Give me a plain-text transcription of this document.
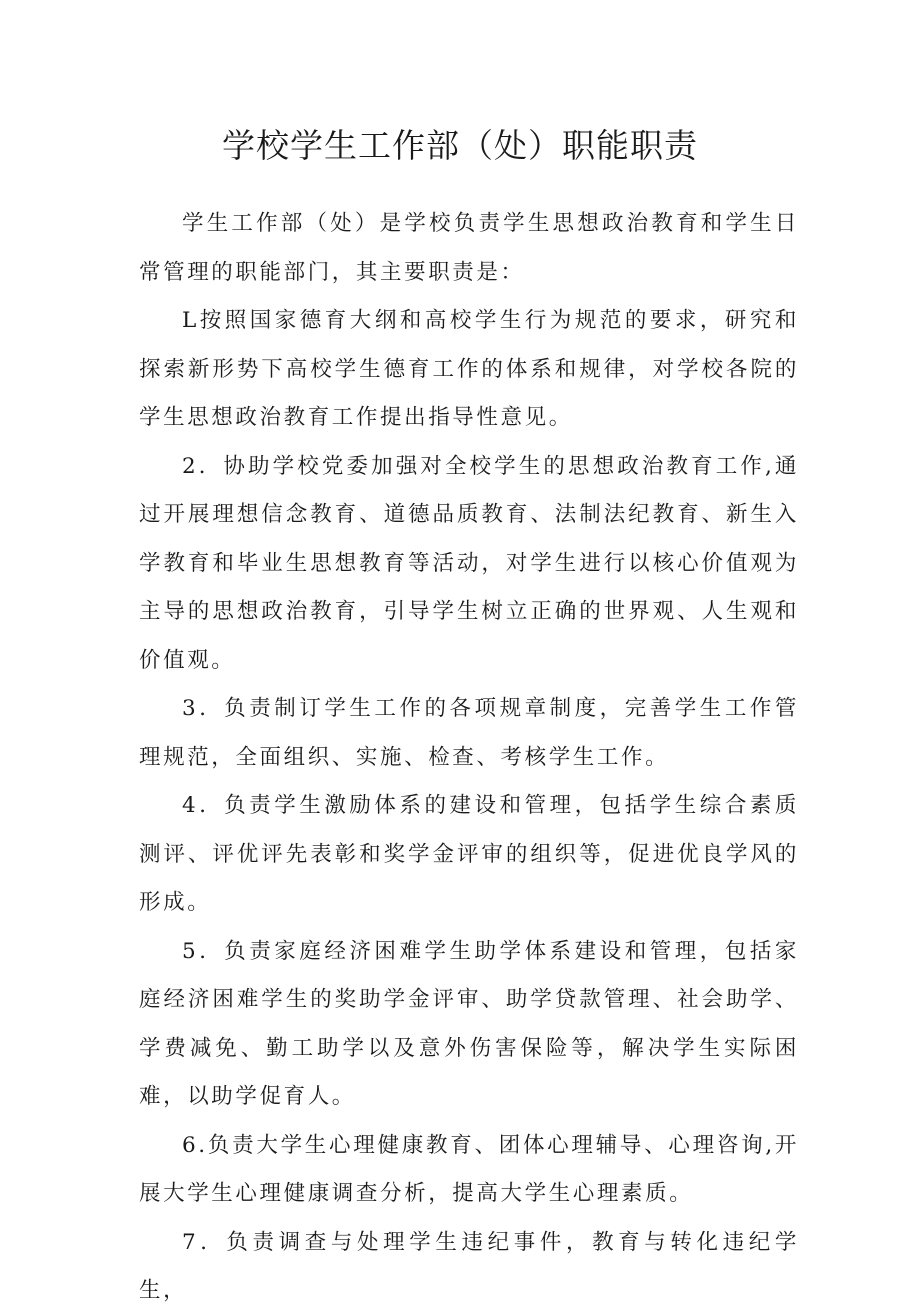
学校学生工作部（处）职能职责

学生工作部（处）是学校负责学生思想政治教育和学生日常管理的职能部门，其主要职责是：

L按照国家德育大纲和高校学生行为规范的要求，研究和探索新形势下高校学生德育工作的体系和规律，对学校各院的学生思想政治教育工作提出指导性意见。

2．协助学校党委加强对全校学生的思想政治教育工作,通过开展理想信念教育、道德品质教育、法制法纪教育、新生入学教育和毕业生思想教育等活动，对学生进行以核心价值观为主导的思想政治教育，引导学生树立正确的世界观、人生观和价值观。

3．负责制订学生工作的各项规章制度，完善学生工作管理规范，全面组织、实施、检查、考核学生工作。

4．负责学生激励体系的建设和管理，包括学生综合素质测评、评优评先表彰和奖学金评审的组织等，促进优良学风的形成。

5．负责家庭经济困难学生助学体系建设和管理，包括家庭经济困难学生的奖助学金评审、助学贷款管理、社会助学、学费减免、勤工助学以及意外伤害保险等，解决学生实际困难，以助学促育人。

6.负责大学生心理健康教育、团体心理辅导、心理咨询,开展大学生心理健康调查分析，提高大学生心理素质。

7．负责调查与处理学生违纪事件，教育与转化违纪学生，
